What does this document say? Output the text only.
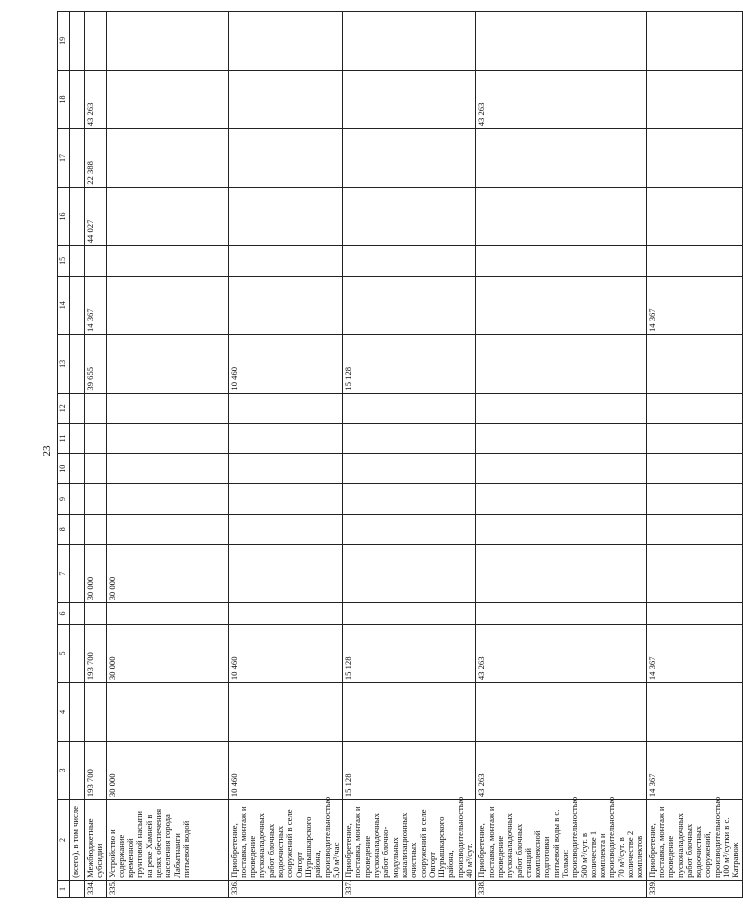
23
1	2	3	4	5	6	7	8	9	10	11	12	13	14	15	16	17	18	19
	(всего), в том числе																	
334.	Межбюджетные субсидии	193 700		193 700		30 000						39 655	14 367		44 027	22 388	43 263	
335.	Устройство и содержание временной грунтовой насыпи на реке Хамней в целях обеспечения населения города Лабытнанги питьевой водой	30 000		30 000		30 000												
336.	Приобретение, поставка, монтаж и проведение пусконаладочных работ блочных водоочистных сооружений в селе Овгорт Шурышкарского района, производительностью 5,0 м³/час	10 460		10 460								10 460						
337.	Приобретение, поставка, монтаж и проведение пусконаладочных работ блочно-модульных канализационных очистных сооружений в селе Овгорт Шурышкарского района, производительностью 40 м³/сут.	15 128		15 128								15 128						
338.	Приобретение, поставка, монтаж и проведение пусконаладочных работ блочных станций комплексной подготовки питьевой воды в с. Тольки: производительностью 500 м³/сут. в количестве 1 комплекта и производительностью 70 м³/сут. в количестве 2 комплектов	43 263		43 263													43 263	
339.	Приобретение, поставка, монтаж и проведение пусконаладочных работ блочных водоочистных сооружений, производительностью 100 м³/сутки в с. Катравож	14 367		14 367									14 367					
